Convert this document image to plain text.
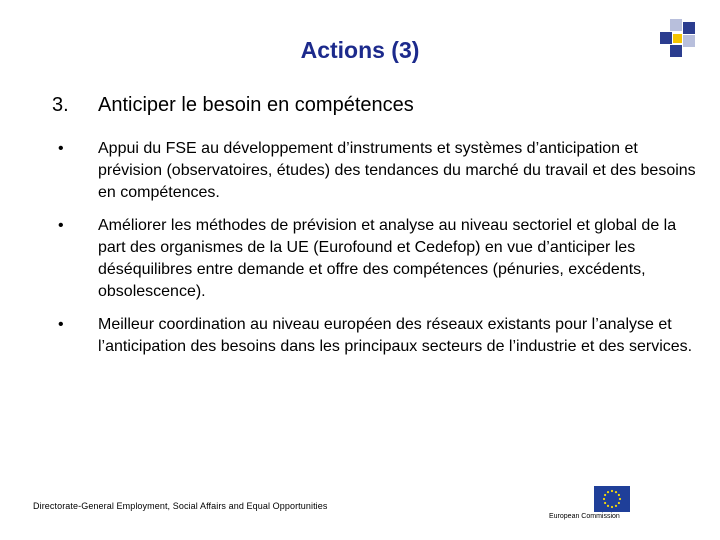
Actions (3)
3. Anticiper le besoin en compétences
• Appui du FSE au développement d’instruments et systèmes d’anticipation et prévision (observatoires, études) des tendances du marché du travail et des besoins en compétences.
• Améliorer les méthodes de prévision et analyse au niveau sectoriel et global de la part des organismes de la UE (Eurofound et Cedefop) en vue d’anticiper les déséquilibres entre demande et offre des compétences (pénuries, excédents, obsolescence).
• Meilleur coordination au niveau européen des réseaux existants pour l’analyse et l’anticipation des besoins dans les principaux secteurs de l’industrie et des services.
Directorate-General Employment, Social Affairs and Equal Opportunities
European Commission
